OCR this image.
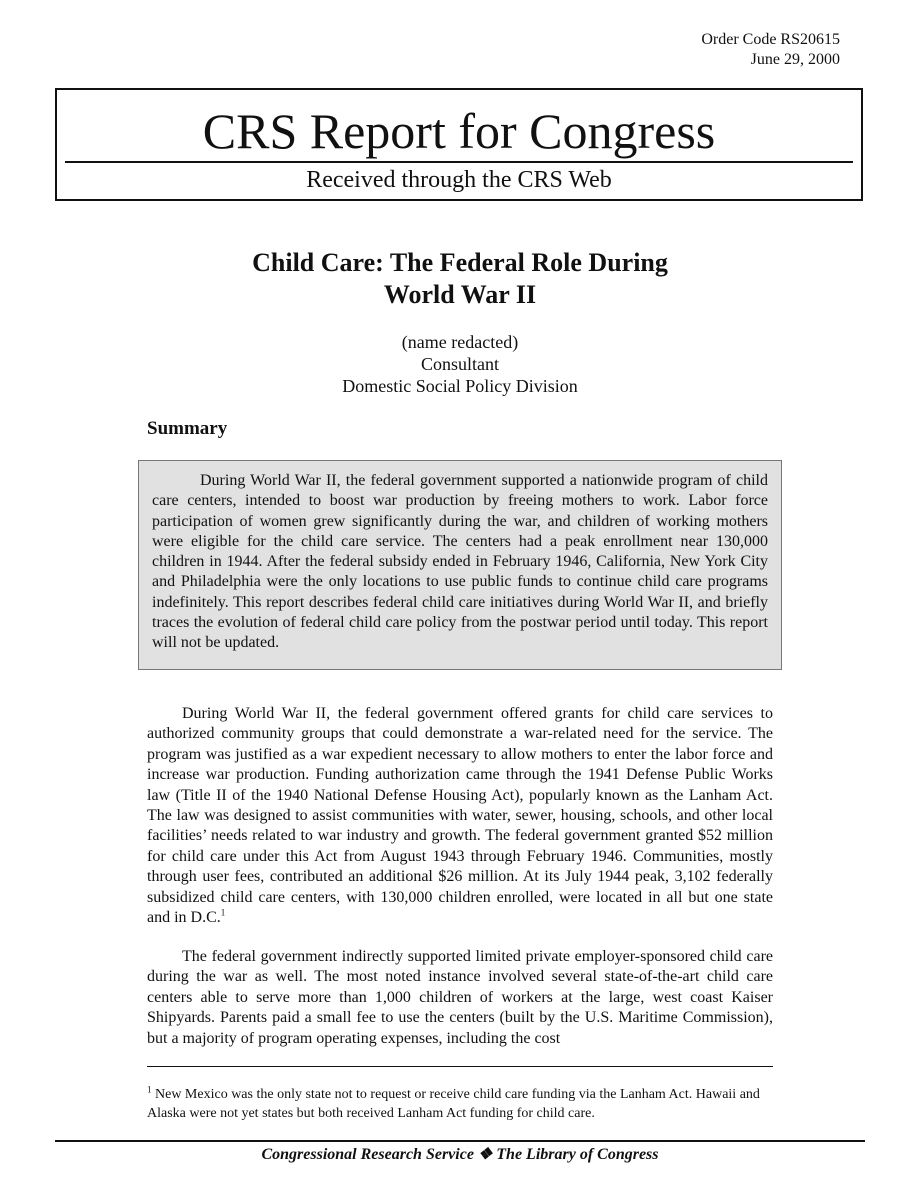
Order Code RS20615
June 29, 2000
CRS Report for Congress
Received through the CRS Web
Child Care: The Federal Role During
World War II
(name redacted)
Consultant
Domestic Social Policy Division
Summary
During World War II, the federal government supported a nationwide program of child care centers, intended to boost war production by freeing mothers to work. Labor force participation of women grew significantly during the war, and children of working mothers were eligible for the child care service. The centers had a peak enrollment near 130,000 children in 1944. After the federal subsidy ended in February 1946, California, New York City and Philadelphia were the only locations to use public funds to continue child care programs indefinitely. This report describes federal child care initiatives during World War II, and briefly traces the evolution of federal child care policy from the postwar period until today. This report will not be updated.

During World War II, the federal government offered grants for child care services to authorized community groups that could demonstrate a war-related need for the service. The program was justified as a war expedient necessary to allow mothers to enter the labor force and increase war production. Funding authorization came through the 1941 Defense Public Works law (Title II of the 1940 National Defense Housing Act), popularly known as the Lanham Act. The law was designed to assist communities with water, sewer, housing, schools, and other local facilities’ needs related to war industry and growth. The federal government granted $52 million for child care under this Act from August 1943 through February 1946. Communities, mostly through user fees, contributed an additional $26 million. At its July 1944 peak, 3,102 federally subsidized child care centers, with 130,000 children enrolled, were located in all but one state and in D.C.$^1$

The federal government indirectly supported limited private employer-sponsored child care during the war as well. The most noted instance involved several state-of-the-art child care centers able to serve more than 1,000 children of workers at the large, west coast Kaiser Shipyards. Parents paid a small fee to use the centers (built by the U.S. Maritime Commission), but a majority of program operating expenses, including the cost

$^1$ New Mexico was the only state not to request or receive child care funding via the Lanham Act. Hawaii and Alaska were not yet states but both received Lanham Act funding for child care.
Congressional Research Service ❖ The Library of Congress
